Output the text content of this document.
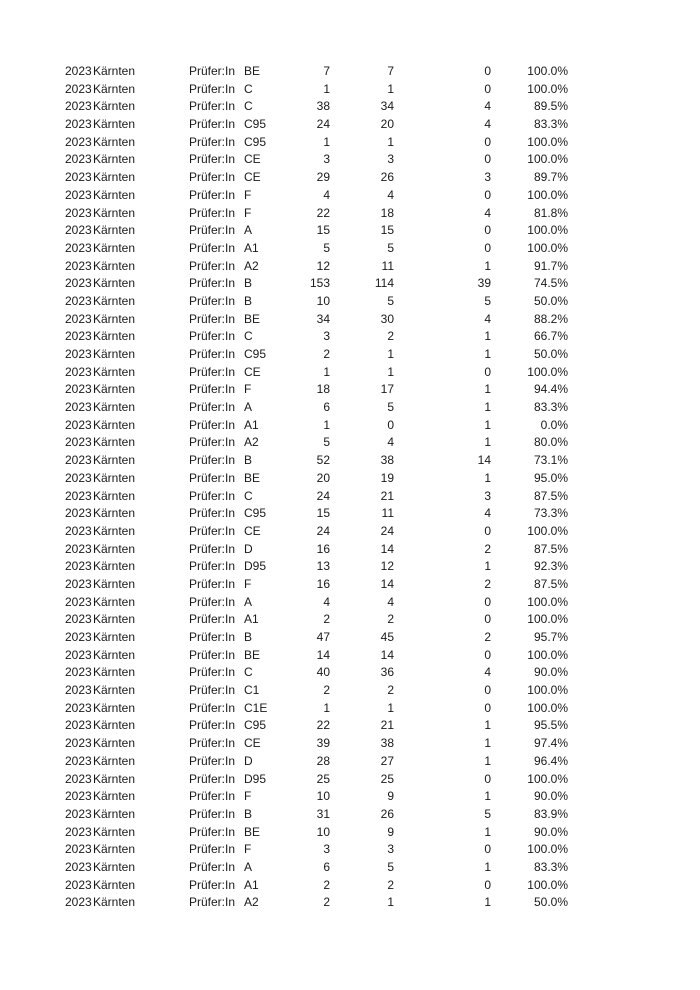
2023 Kärnten	Prüfer:In BE	7	7	0	100.0%
2023 Kärnten	Prüfer:In C	1	1	0	100.0%
2023 Kärnten	Prüfer:In C	38	34	4	89.5%
2023 Kärnten	Prüfer:In C95	24	20	4	83.3%
2023 Kärnten	Prüfer:In C95	1	1	0	100.0%
2023 Kärnten	Prüfer:In CE	3	3	0	100.0%
2023 Kärnten	Prüfer:In CE	29	26	3	89.7%
2023 Kärnten	Prüfer:In F	4	4	0	100.0%
2023 Kärnten	Prüfer:In F	22	18	4	81.8%
2023 Kärnten	Prüfer:In A	15	15	0	100.0%
2023 Kärnten	Prüfer:In A1	5	5	0	100.0%
2023 Kärnten	Prüfer:In A2	12	11	1	91.7%
2023 Kärnten	Prüfer:In B	153	114	39	74.5%
2023 Kärnten	Prüfer:In B	10	5	5	50.0%
2023 Kärnten	Prüfer:In BE	34	30	4	88.2%
2023 Kärnten	Prüfer:In C	3	2	1	66.7%
2023 Kärnten	Prüfer:In C95	2	1	1	50.0%
2023 Kärnten	Prüfer:In CE	1	1	0	100.0%
2023 Kärnten	Prüfer:In F	18	17	1	94.4%
2023 Kärnten	Prüfer:In A	6	5	1	83.3%
2023 Kärnten	Prüfer:In A1	1	0	1	0.0%
2023 Kärnten	Prüfer:In A2	5	4	1	80.0%
2023 Kärnten	Prüfer:In B	52	38	14	73.1%
2023 Kärnten	Prüfer:In BE	20	19	1	95.0%
2023 Kärnten	Prüfer:In C	24	21	3	87.5%
2023 Kärnten	Prüfer:In C95	15	11	4	73.3%
2023 Kärnten	Prüfer:In CE	24	24	0	100.0%
2023 Kärnten	Prüfer:In D	16	14	2	87.5%
2023 Kärnten	Prüfer:In D95	13	12	1	92.3%
2023 Kärnten	Prüfer:In F	16	14	2	87.5%
2023 Kärnten	Prüfer:In A	4	4	0	100.0%
2023 Kärnten	Prüfer:In A1	2	2	0	100.0%
2023 Kärnten	Prüfer:In B	47	45	2	95.7%
2023 Kärnten	Prüfer:In BE	14	14	0	100.0%
2023 Kärnten	Prüfer:In C	40	36	4	90.0%
2023 Kärnten	Prüfer:In C1	2	2	0	100.0%
2023 Kärnten	Prüfer:In C1E	1	1	0	100.0%
2023 Kärnten	Prüfer:In C95	22	21	1	95.5%
2023 Kärnten	Prüfer:In CE	39	38	1	97.4%
2023 Kärnten	Prüfer:In D	28	27	1	96.4%
2023 Kärnten	Prüfer:In D95	25	25	0	100.0%
2023 Kärnten	Prüfer:In F	10	9	1	90.0%
2023 Kärnten	Prüfer:In B	31	26	5	83.9%
2023 Kärnten	Prüfer:In BE	10	9	1	90.0%
2023 Kärnten	Prüfer:In F	3	3	0	100.0%
2023 Kärnten	Prüfer:In A	6	5	1	83.3%
2023 Kärnten	Prüfer:In A1	2	2	0	100.0%
2023 Kärnten	Prüfer:In A2	2	1	1	50.0%
